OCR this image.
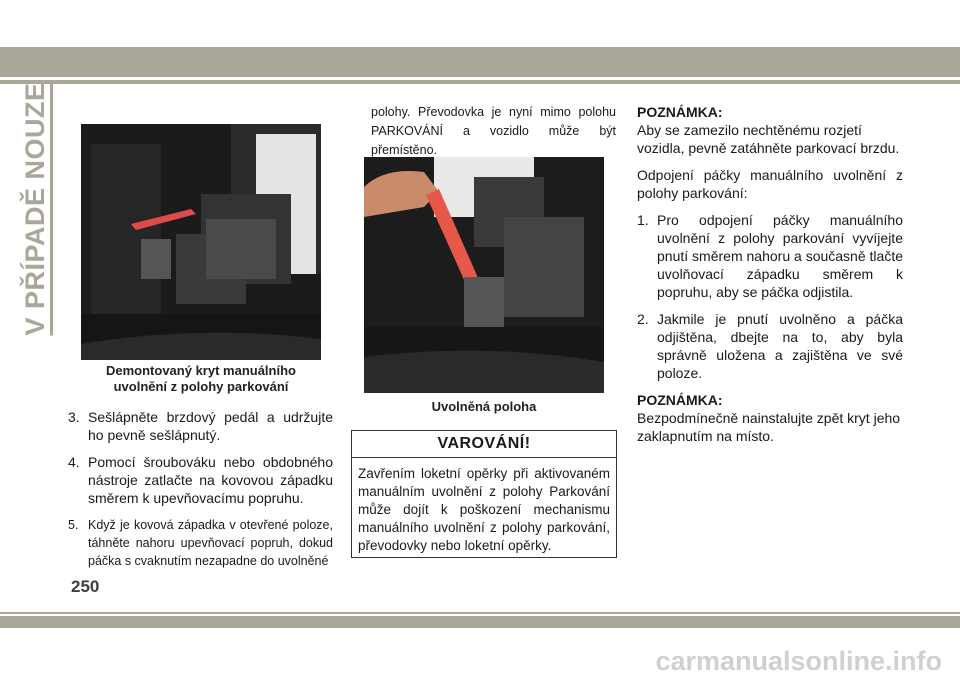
V PŘÍPADĚ NOUZE
Demontovaný kryt manuálního
uvolnění z polohy parkování
3. Sešlápněte brzdový pedál a udržujte ho pevně sešlápnutý.
4. Pomocí šroubováku nebo obdobného nástroje zatlačte na kovovou západku směrem k upevňovacímu popruhu.
5. Když je kovová západka v otevřené poloze, táhněte nahoru upevňovací popruh, dokud páčka s cvaknutím nezapadne do uvolněné
polohy. Převodovka je nyní mimo polohu PARKOVÁNÍ a vozidlo může být přemístěno.
Uvolněná poloha
VAROVÁNÍ!
Zavřením loketní opěrky při aktivovaném manuálním uvolnění z polohy Parkování může dojít k poškození mechanismu manuálního uvolnění z polohy parkování, převodovky nebo loketní opěrky.
POZNÁMKA:

Aby se zamezilo nechtěnému rozjetí vozidla, pevně zatáhněte parkovací brzdu.

Odpojení páčky manuálního uvolnění z polohy parkování:

1. Pro odpojení páčky manuálního uvolnění z polohy parkování vyvíjejte pnutí směrem nahoru a současně tlačte uvolňovací západku směrem k popruhu, aby se páčka odjistila.
2. Jakmile je pnutí uvolněno a páčka odjištěna, dbejte na to, aby byla správně uložena a zajištěna ve své poloze.
POZNÁMKA:

Bezpodmínečně nainstalujte zpět kryt jeho zaklapnutím na místo.

250
carmanualsonline.info
